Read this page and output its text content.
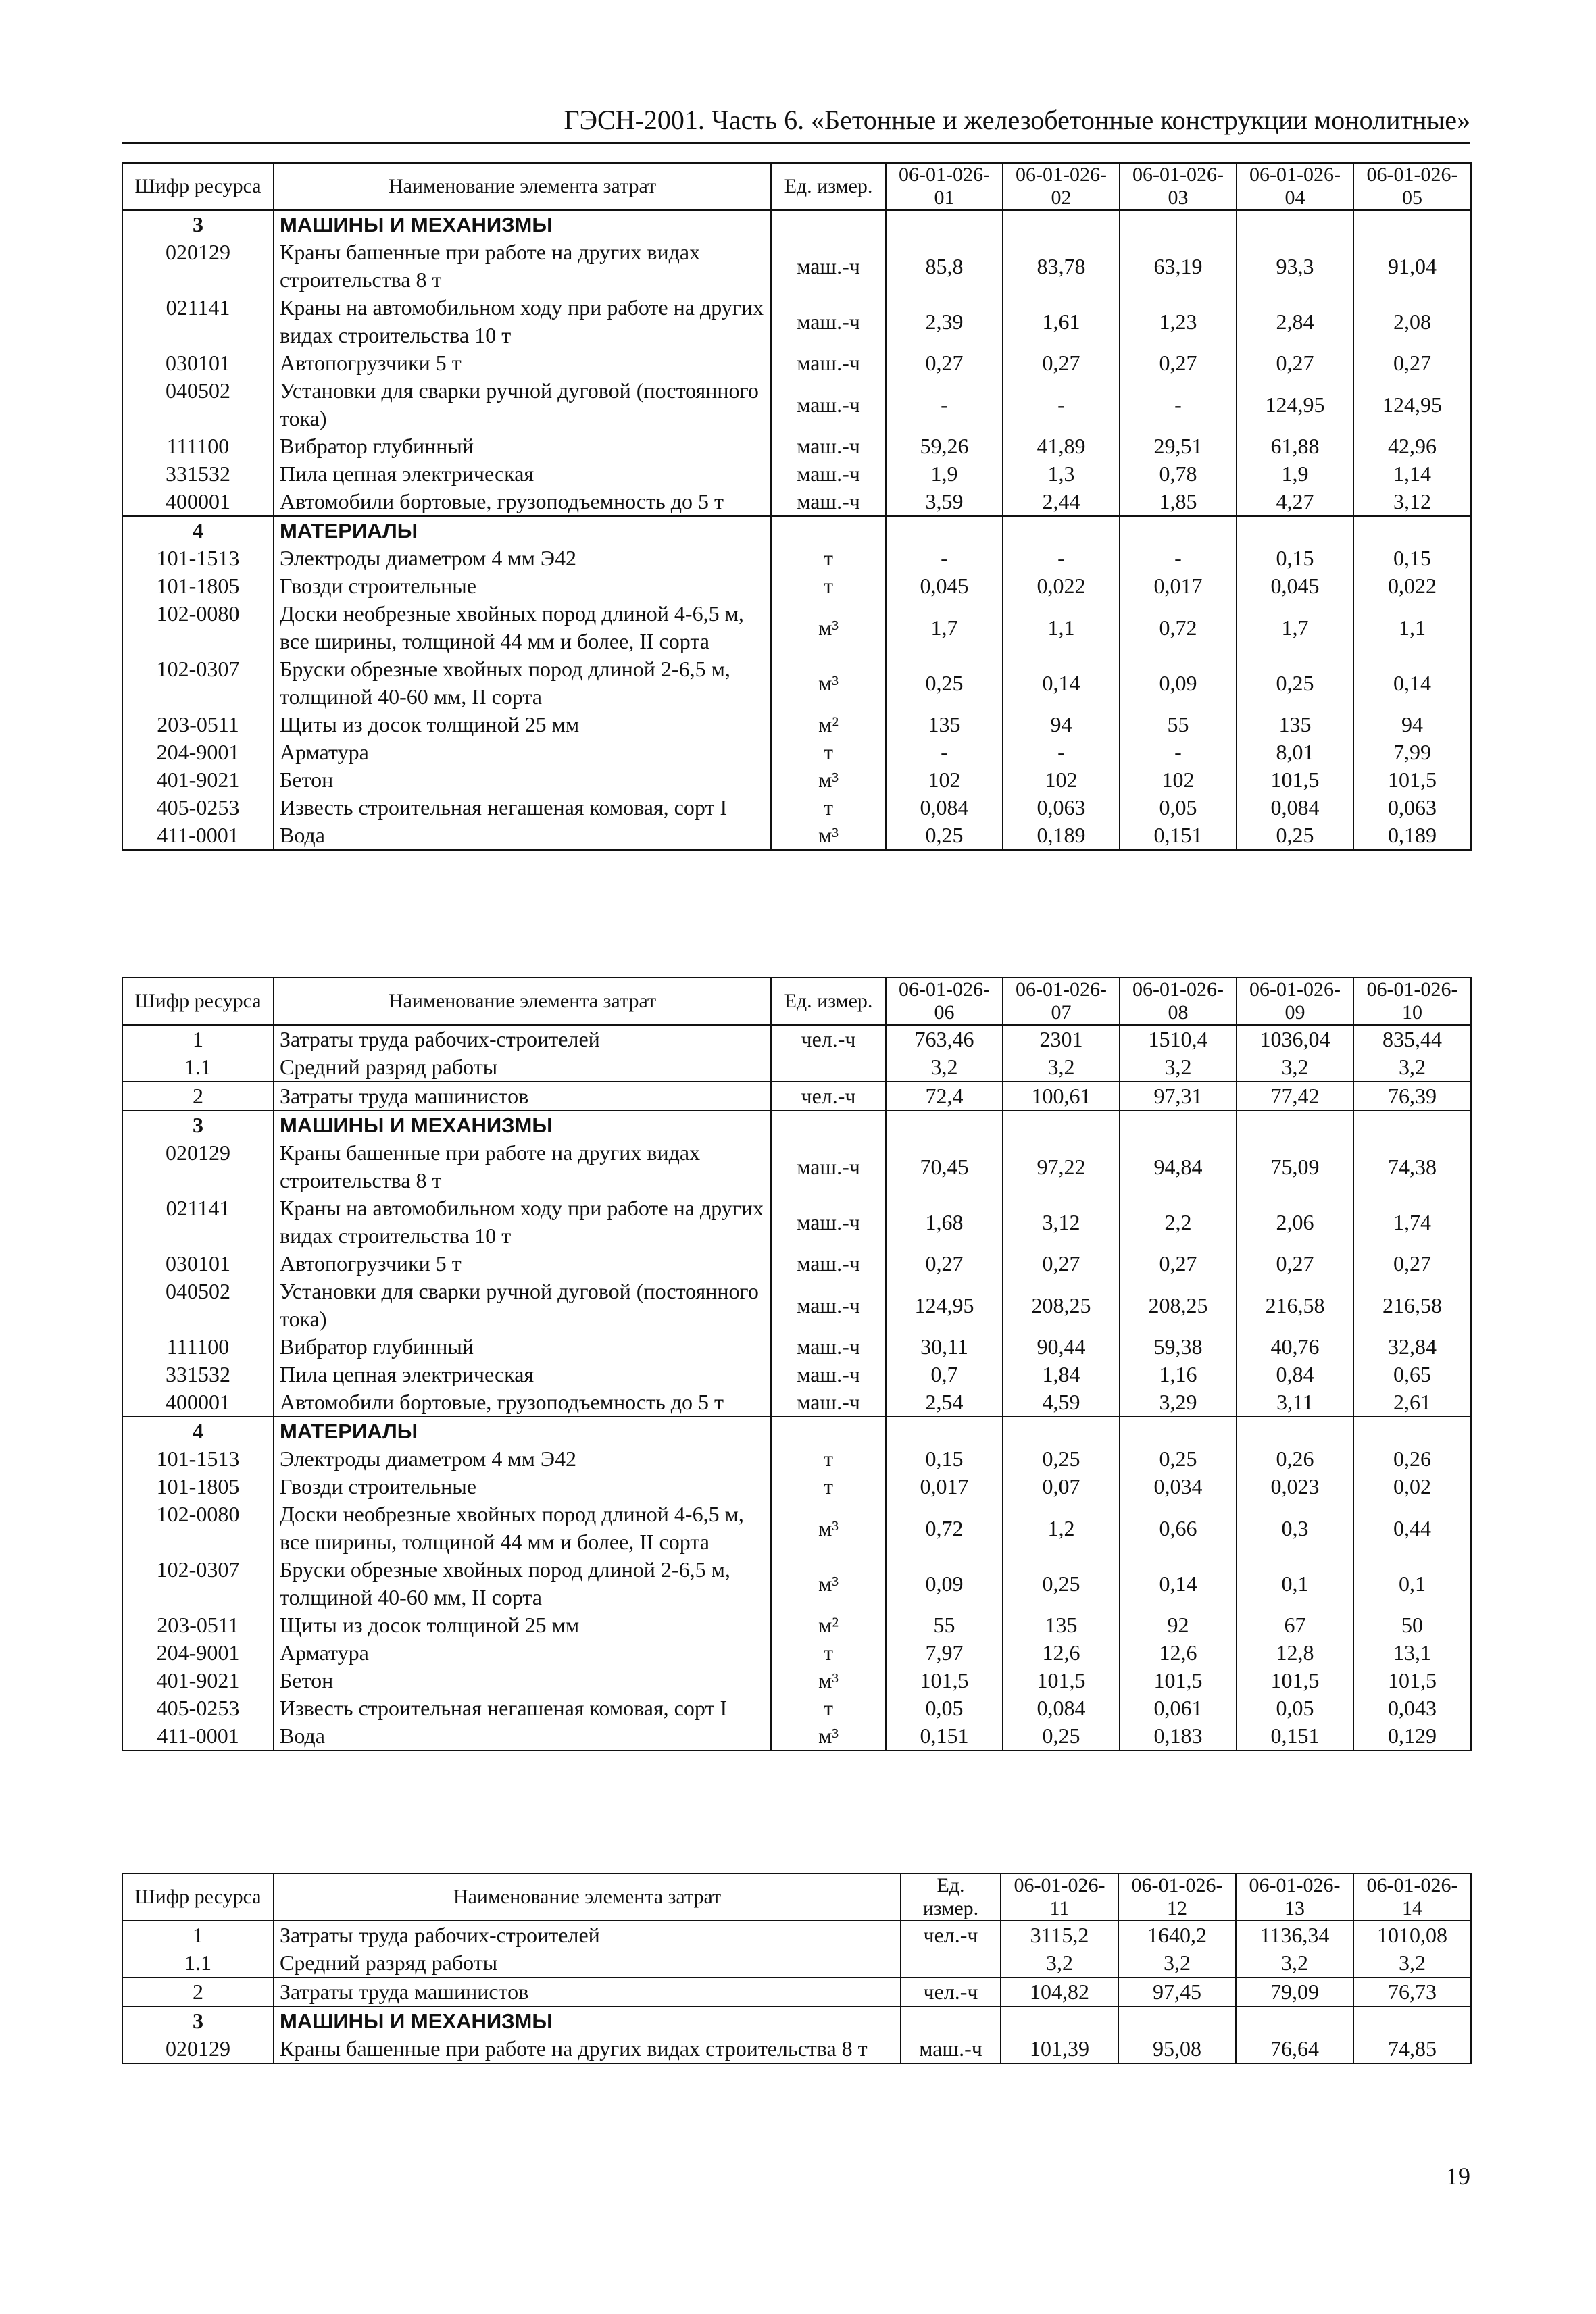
ГЭСН-2001. Часть 6. «Бетонные и железобетонные конструкции монолитные»
Шифр ресурса	Наименование элемента затрат	Ед. измер.	06-01-026-01	06-01-026-02	06-01-026-03	06-01-026-04	06-01-026-05
3	МАШИНЫ И МЕХАНИЗМЫ						
020129	Краны башенные при работе на других видах строительства 8 т	маш.-ч	85,8	83,78	63,19	93,3	91,04
021141	Краны на автомобильном ходу при работе на других видах строительства 10 т	маш.-ч	2,39	1,61	1,23	2,84	2,08
030101	Автопогрузчики 5 т	маш.-ч	0,27	0,27	0,27	0,27	0,27
040502	Установки для сварки ручной дуговой (постоянного тока)	маш.-ч	-	-	-	124,95	124,95
111100	Вибратор глубинный	маш.-ч	59,26	41,89	29,51	61,88	42,96
331532	Пила цепная электрическая	маш.-ч	1,9	1,3	0,78	1,9	1,14
400001	Автомобили бортовые, грузоподъемность до 5 т	маш.-ч	3,59	2,44	1,85	4,27	3,12
4	МАТЕРИАЛЫ						
101-1513	Электроды диаметром 4 мм Э42	т	-	-	-	0,15	0,15
101-1805	Гвозди строительные	т	0,045	0,022	0,017	0,045	0,022
102-0080	Доски необрезные хвойных пород длиной 4-6,5 м, все ширины, толщиной 44 мм и более, II сорта	м³	1,7	1,1	0,72	1,7	1,1
102-0307	Бруски обрезные хвойных пород длиной 2-6,5 м, толщиной 40-60 мм, II сорта	м³	0,25	0,14	0,09	0,25	0,14
203-0511	Щиты из досок толщиной 25 мм	м²	135	94	55	135	94
204-9001	Арматура	т	-	-	-	8,01	7,99
401-9021	Бетон	м³	102	102	102	101,5	101,5
405-0253	Известь строительная негашеная комовая, сорт I	т	0,084	0,063	0,05	0,084	0,063
411-0001	Вода	м³	0,25	0,189	0,151	0,25	0,189
Шифр ресурса	Наименование элемента затрат	Ед. измер.	06-01-026-06	06-01-026-07	06-01-026-08	06-01-026-09	06-01-026-10
1	Затраты труда рабочих-строителей	чел.-ч	763,46	2301	1510,4	1036,04	835,44
1.1	Средний разряд работы		3,2	3,2	3,2	3,2	3,2
2	Затраты труда машинистов	чел.-ч	72,4	100,61	97,31	77,42	76,39
3	МАШИНЫ И МЕХАНИЗМЫ						
020129	Краны башенные при работе на других видах строительства 8 т	маш.-ч	70,45	97,22	94,84	75,09	74,38
021141	Краны на автомобильном ходу при работе на других видах строительства 10 т	маш.-ч	1,68	3,12	2,2	2,06	1,74
030101	Автопогрузчики 5 т	маш.-ч	0,27	0,27	0,27	0,27	0,27
040502	Установки для сварки ручной дуговой (постоянного тока)	маш.-ч	124,95	208,25	208,25	216,58	216,58
111100	Вибратор глубинный	маш.-ч	30,11	90,44	59,38	40,76	32,84
331532	Пила цепная электрическая	маш.-ч	0,7	1,84	1,16	0,84	0,65
400001	Автомобили бортовые, грузоподъемность до 5 т	маш.-ч	2,54	4,59	3,29	3,11	2,61
4	МАТЕРИАЛЫ						
101-1513	Электроды диаметром 4 мм Э42	т	0,15	0,25	0,25	0,26	0,26
101-1805	Гвозди строительные	т	0,017	0,07	0,034	0,023	0,02
102-0080	Доски необрезные хвойных пород длиной 4-6,5 м, все ширины, толщиной 44 мм и более, II сорта	м³	0,72	1,2	0,66	0,3	0,44
102-0307	Бруски обрезные хвойных пород длиной 2-6,5 м, толщиной 40-60 мм, II сорта	м³	0,09	0,25	0,14	0,1	0,1
203-0511	Щиты из досок толщиной 25 мм	м²	55	135	92	67	50
204-9001	Арматура	т	7,97	12,6	12,6	12,8	13,1
401-9021	Бетон	м³	101,5	101,5	101,5	101,5	101,5
405-0253	Известь строительная негашеная комовая, сорт I	т	0,05	0,084	0,061	0,05	0,043
411-0001	Вода	м³	0,151	0,25	0,183	0,151	0,129
Шифр ресурса	Наименование элемента затрат	Ед. измер.	06-01-026-11	06-01-026-12	06-01-026-13	06-01-026-14
1	Затраты труда рабочих-строителей	чел.-ч	3115,2	1640,2	1136,34	1010,08
1.1	Средний разряд работы		3,2	3,2	3,2	3,2
2	Затраты труда машинистов	чел.-ч	104,82	97,45	79,09	76,73
3	МАШИНЫ И МЕХАНИЗМЫ					
020129	Краны башенные при работе на других видах строительства 8 т	маш.-ч	101,39	95,08	76,64	74,85
19
